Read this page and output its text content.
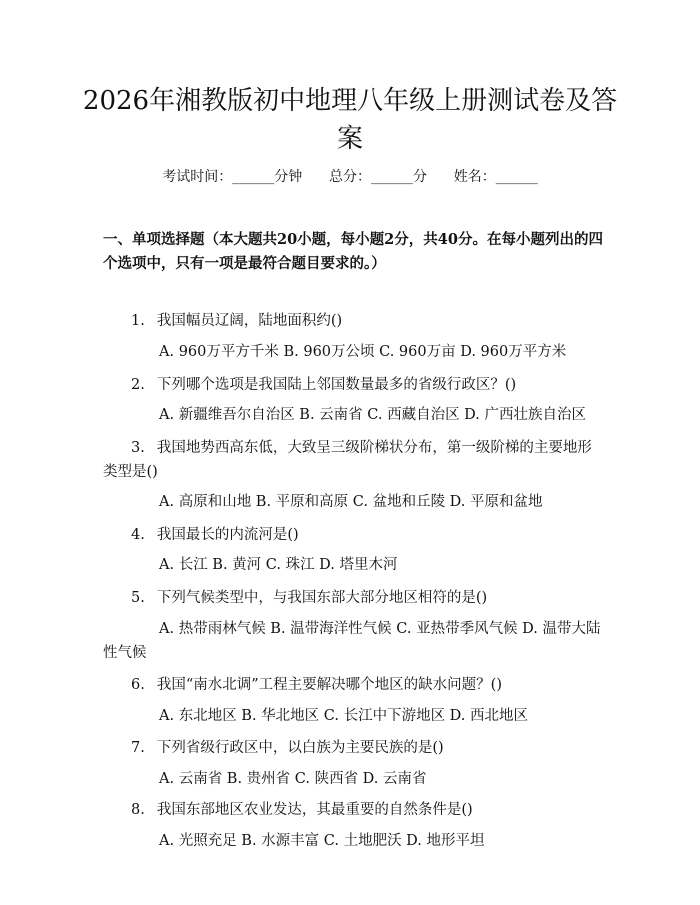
2026年湘教版初中地理八年级上册测试卷及答案
考试时间：______分钟      总分：______分      姓名：______
一、单项选择题（本大题共20小题，每小题2分，共40分。在每小题列出的四个选项中，只有一项是最符合题目要求的。）
1. 我国幅员辽阔，陆地面积约()
A. 960万平方千米 B. 960万公顷 C. 960万亩 D. 960万平方米
2. 下列哪个选项是我国陆上邻国数量最多的省级行政区？()
A. 新疆维吾尔自治区 B. 云南省 C. 西藏自治区 D. 广西壮族自治区
3. 我国地势西高东低，大致呈三级阶梯状分布，第一级阶梯的主要地形类型是()
A. 高原和山地 B. 平原和高原 C. 盆地和丘陵 D. 平原和盆地
4. 我国最长的内流河是()
A. 长江 B. 黄河 C. 珠江 D. 塔里木河
5. 下列气候类型中，与我国东部大部分地区相符的是()
A. 热带雨林气候 B. 温带海洋性气候 C. 亚热带季风气候 D. 温带大陆性气候
6. 我国“南水北调”工程主要解决哪个地区的缺水问题？()
A. 东北地区 B. 华北地区 C. 长江中下游地区 D. 西北地区
7. 下列省级行政区中，以白族为主要民族的是()
A. 云南省 B. 贵州省 C. 陕西省 D. 云南省
8. 我国东部地区农业发达，其最重要的自然条件是()
A. 光照充足 B. 水源丰富 C. 土地肥沃 D. 地形平坦
